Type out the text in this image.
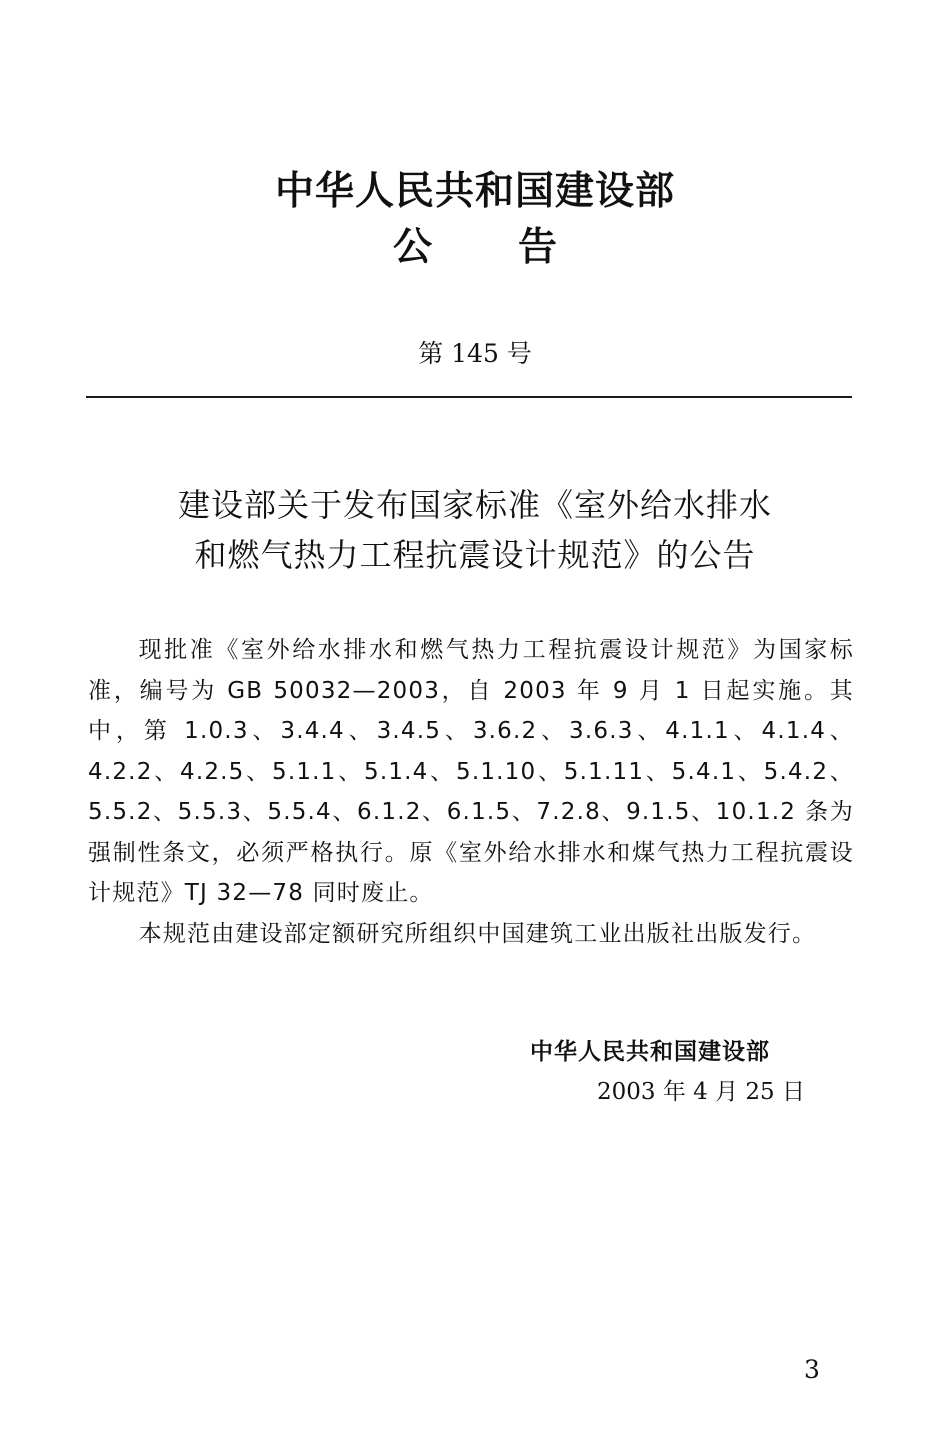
中华人民共和国建设部
公 告
第 145 号
建设部关于发布国家标准《室外给水排水
和燃气热力工程抗震设计规范》的公告

现批准《室外给水排水和燃气热力工程抗震设计规范》为国家标准，编号为 GB 50032—2003，自 2003 年 9 月 1 日起实施。其中，第 1.0.3、3.4.4、3.4.5、3.6.2、3.6.3、4.1.1、4.1.4、4.2.2、4.2.5、5.1.1、5.1.4、5.1.10、5.1.11、5.4.1、5.4.2、5.5.2、5.5.3、5.5.4、6.1.2、6.1.5、7.2.8、9.1.5、10.1.2 条为强制性条文，必须严格执行。原《室外给水排水和煤气热力工程抗震设计规范》TJ 32—78 同时废止。

本规范由建设部定额研究所组织中国建筑工业出版社出版发行。

中华人民共和国建设部
2003 年 4 月 25 日
3
